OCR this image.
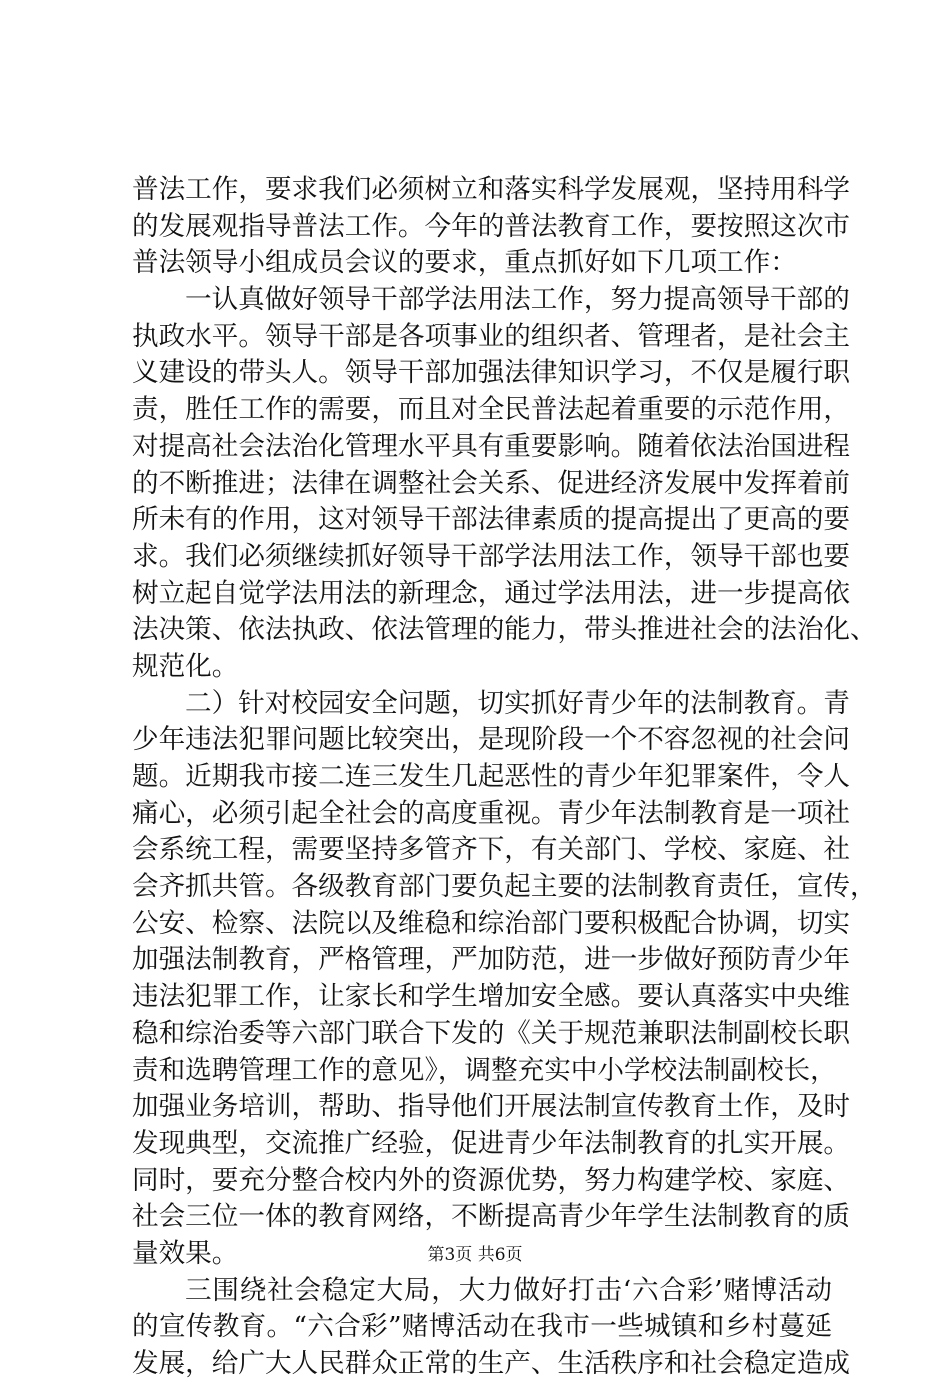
普法工作，要求我们必须树立和落实科学发展观，坚持用科学
的发展观指导普法工作。今年的普法教育工作，要按照这次市
普法领导小组成员会议的要求，重点抓好如下几项工作：
一认真做好领导干部学法用法工作，努力提高领导干部的
执政水平。领导干部是各项事业的组织者、管理者，是社会主
义建设的带头人。领导干部加强法律知识学习，不仅是履行职
责，胜任工作的需要，而且对全民普法起着重要的示范作用，
对提高社会法治化管理水平具有重要影响。随着依法治国进程
的不断推进；法律在调整社会关系、促进经济发展中发挥着前
所未有的作用，这对领导干部法律素质的提高提出了更高的要
求。我们必须继续抓好领导干部学法用法工作，领导干部也要
树立起自觉学法用法的新理念，通过学法用法，进一步提高依
法决策、依法执政、依法管理的能力，带头推进社会的法治化、
规范化。
二）针对校园安全问题，切实抓好青少年的法制教育。青
少年违法犯罪问题比较突出，是现阶段一个不容忽视的社会问
题。近期我市接二连三发生几起恶性的青少年犯罪案件，令人
痛心，必须引起全社会的高度重视。青少年法制教育是一项社
会系统工程，需要坚持多管齐下，有关部门、学校、家庭、社
会齐抓共管。各级教育部门要负起主要的法制教育责任，宣传，
公安、检察、法院以及维稳和综治部门要积极配合协调，切实
加强法制教育，严格管理，严加防范，进一步做好预防青少年
违法犯罪工作，让家长和学生增加安全感。要认真落实中央维
稳和综治委等六部门联合下发的《关于规范兼职法制副校长职
责和选聘管理工作的意见》，调整充实中小学校法制副校长，
加强业务培训，帮助、指导他们开展法制宣传教育土作，及时
发现典型，交流推广经验，促进青少年法制教育的扎实开展。
同时，要充分整合校内外的资源优势，努力构建学校、家庭、
社会三位一体的教育网络，不断提高青少年学生法制教育的质
量效果。
三围绕社会稳定大局，大力做好打击‘六合彩’赌博活动
的宣传教育。“六合彩”赌博活动在我市一些城镇和乡村蔓延
发展，给广大人民群众正常的生产、生活秩序和社会稳定造成
第3页 共6页
